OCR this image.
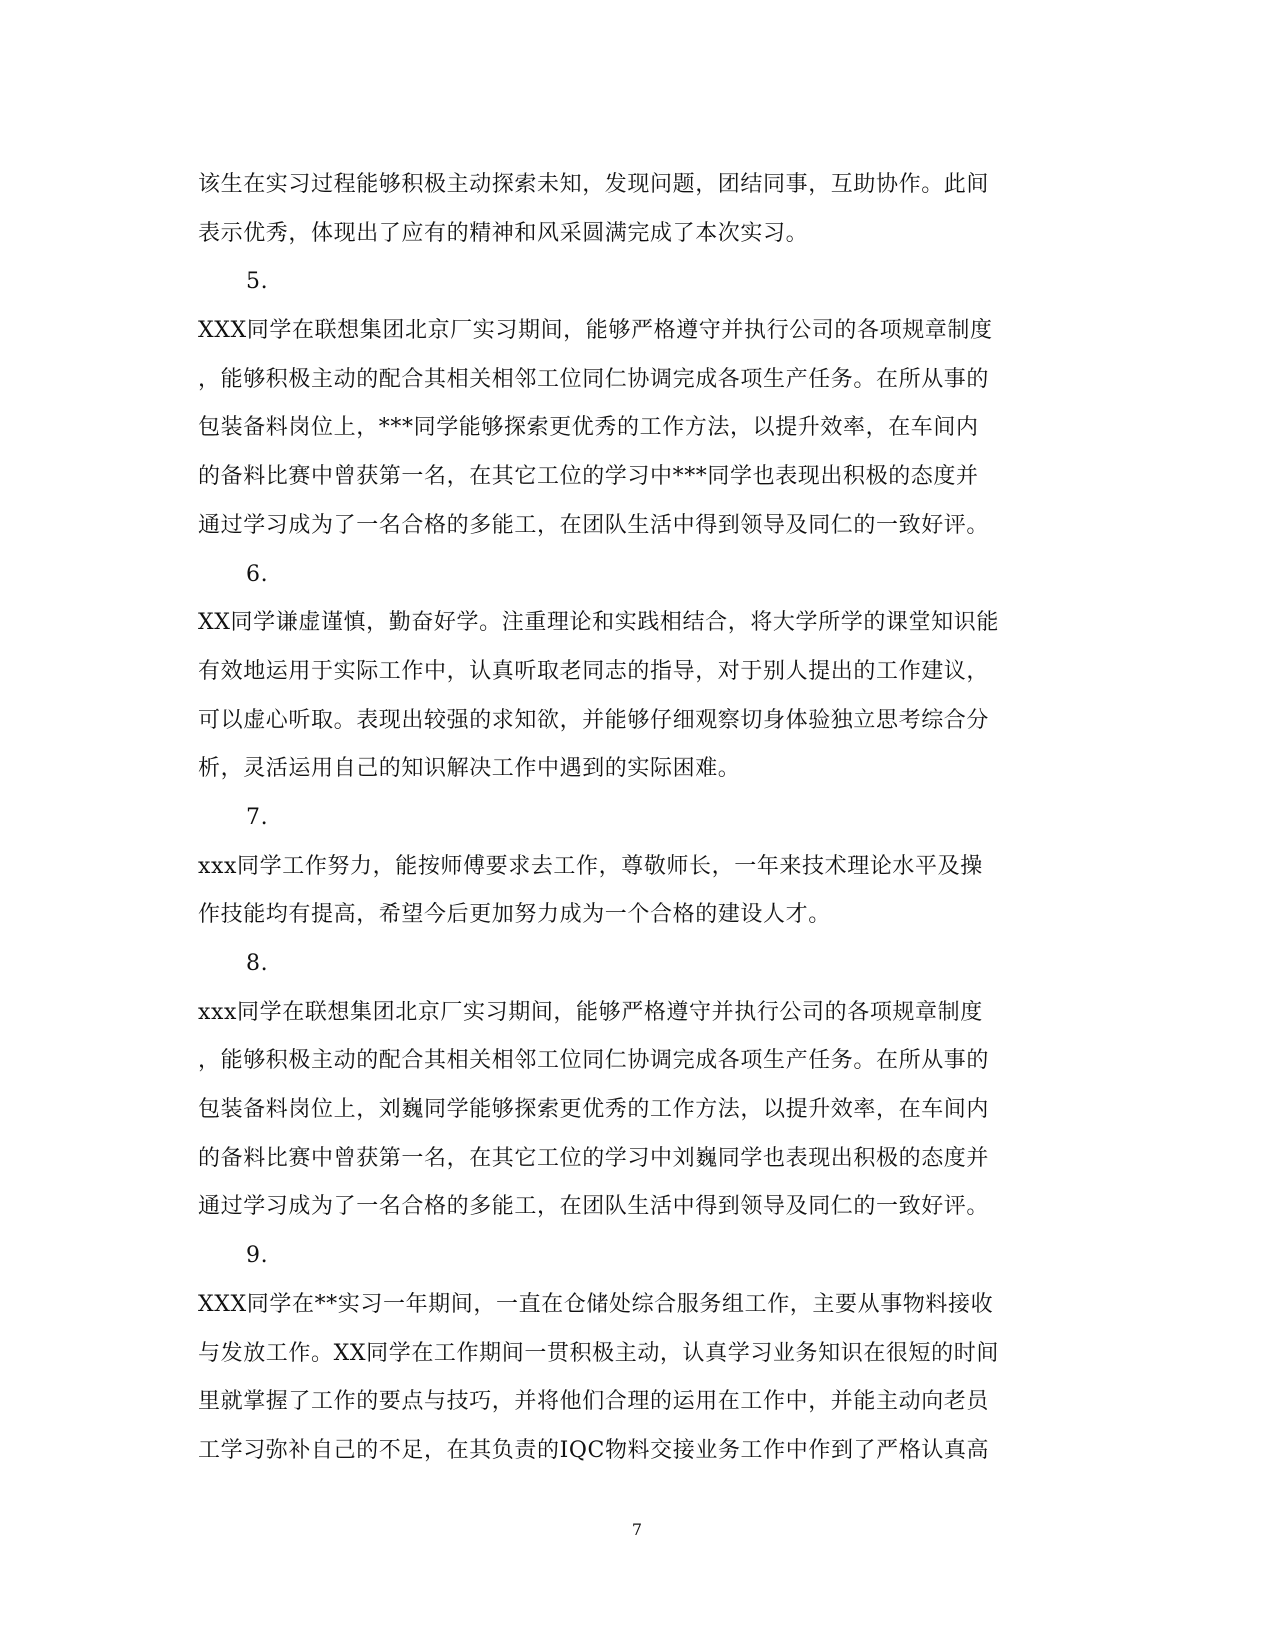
该生在实习过程能够积极主动探索未知，发现问题，团结同事，互助协作。此间
表示优秀，体现出了应有的精神和风采圆满完成了本次实习。
5.
XXX同学在联想集团北京厂实习期间，能够严格遵守并执行公司的各项规章制度
，能够积极主动的配合其相关相邻工位同仁协调完成各项生产任务。在所从事的
包装备料岗位上，***同学能够探索更优秀的工作方法，以提升效率，在车间内
的备料比赛中曾获第一名，在其它工位的学习中***同学也表现出积极的态度并
通过学习成为了一名合格的多能工，在团队生活中得到领导及同仁的一致好评。
6.
XX同学谦虚谨慎，勤奋好学。注重理论和实践相结合，将大学所学的课堂知识能
有效地运用于实际工作中，认真听取老同志的指导，对于别人提出的工作建议，
可以虚心听取。表现出较强的求知欲，并能够仔细观察切身体验独立思考综合分
析，灵活运用自己的知识解决工作中遇到的实际困难。
7.
xxx同学工作努力，能按师傅要求去工作，尊敬师长，一年来技术理论水平及操
作技能均有提高，希望今后更加努力成为一个合格的建设人才。
8.
xxx同学在联想集团北京厂实习期间，能够严格遵守并执行公司的各项规章制度
，能够积极主动的配合其相关相邻工位同仁协调完成各项生产任务。在所从事的
包装备料岗位上，刘巍同学能够探索更优秀的工作方法，以提升效率，在车间内
的备料比赛中曾获第一名，在其它工位的学习中刘巍同学也表现出积极的态度并
通过学习成为了一名合格的多能工，在团队生活中得到领导及同仁的一致好评。
9.
XXX同学在**实习一年期间，一直在仓储处综合服务组工作，主要从事物料接收
与发放工作。XX同学在工作期间一贯积极主动，认真学习业务知识在很短的时间
里就掌握了工作的要点与技巧，并将他们合理的运用在工作中，并能主动向老员
工学习弥补自己的不足，在其负责的IQC物料交接业务工作中作到了严格认真高
7
